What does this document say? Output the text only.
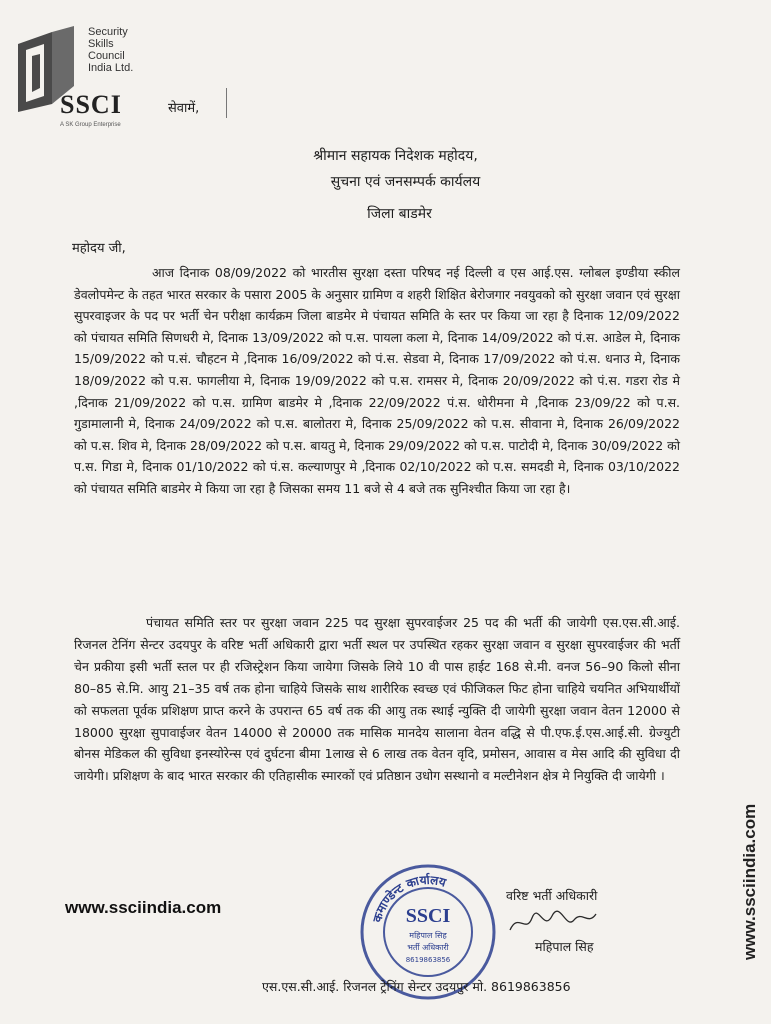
Security
Skills
Council
India Ltd.
SSCI
A SK Group Enterprise
सेवामें,
श्रीमान सहायक निदेशक महोदय,
सुचना एवं जनसम्पर्क कार्यलय
जिला बाडमेर
महोदय जी,
आज दिनाक 08/09/2022 को भारतीस सुरक्षा दस्ता परिषद नई दिल्ली व एस आई.एस. ग्लोबल इण्डीया स्कील डेवलोपमेन्ट के तहत भारत सरकार के पसारा 2005 के अनुसार ग्रामिण व शहरी शिक्षित बेरोजगार नवयुवको को सुरक्षा जवान एवं सुरक्षा सुपरवाइजर के पद पर भर्ती चेन परीक्षा कार्यक्रम जिला बाडमेर मे पंचायत समिति के स्तर पर किया जा रहा है दिनाक 12/09/2022 को पंचायत समिति सिणधरी मे, दिनाक 13/09/2022 को प.स. पायला कला मे, दिनाक 14/09/2022 को पं.स. आडेल मे, दिनाक 15/09/2022 को प.सं. चौहटन मे ,दिनाक 16/09/2022 को पं.स. सेडवा मे, दिनाक 17/09/2022 को पं.स. धनाउ मे, दिनाक 18/09/2022 को प.स. फागलीया मे, दिनाक 19/09/2022 को प.स. रामसर मे, दिनाक 20/09/2022 को पं.स. गडरा रोड मे ,दिनाक 21/09/2022 को प.स. ग्रामिण बाडमेर मे ,दिनाक 22/09/2022 पं.स. धोरीमना मे ,दिनाक 23/09/22 को प.स. गुडामालानी मे, दिनाक 24/09/2022 को प.स. बालोतरा मे, दिनाक 25/09/2022 को प.स. सीवाना मे, दिनाक 26/09/2022 को प.स. शिव मे, दिनाक 28/09/2022 को प.स. बायतु मे, दिनाक 29/09/2022 को प.स. पाटोदी मे, दिनाक 30/09/2022 को प.स. गिडा मे, दिनाक 01/10/2022 को पं.स. कल्याणपुर मे ,दिनाक 02/10/2022 को प.स. समदडी मे, दिनाक 03/10/2022 को पंचायत समिति बाडमेर मे किया जा रहा है जिसका समय 11 बजे से 4 बजे तक सुनिश्चीत किया जा रहा है।
पंचायत समिति स्तर पर सुरक्षा जवान 225 पद सुरक्षा सुपरवाईजर 25 पद की भर्ती की जायेगी एस.एस.सी.आई. रिजनल टेनिंग सेन्टर उदयपुर के वरिष्ट भर्ती अधिकारी द्वारा भर्ती स्थल पर उपस्थित रहकर सुरक्षा जवान व सुरक्षा सुपरवाईजर की भर्ती चेन प्रकीया इसी भर्ती स्तल पर ही रजिस्ट्रेशन किया जायेगा जिसके लिये 10 वी पास हाईट 168 से.मी. वनज 56–90 किलो सीना 80–85 से.मि. आयु 21–35 वर्ष तक होना चाहिये जिसके साथ शारीरिक स्वच्छ एवं फीजिकल फिट होना चाहिये चयनित अभियार्थीयों को सफलता पूर्वक प्रशिक्षण प्राप्त करने के उपरान्त 65 वर्ष तक की आयु तक स्थाई न्युक्ति दी जायेगी सुरक्षा जवान वेतन 12000 से 18000 सुरक्षा सुपावाईजर वेतन 14000 से 20000 तक मासिक मानदेय सालाना वेतन वद्धि से पी.एफ.ई.एस.आई.सी. ग्रेज्युटी बोनस मेडिकल की सुविधा इनस्योरेन्स एवं दुर्घटना बीमा 1लाख से 6 लाख तक वेतन वृदि, प्रमोसन, आवास व मेस आदि की सुविधा दी जायेगी। प्रशिक्षण के बाद भारत सरकार की एतिहासीक स्मारकों एवं प्रतिष्ठान उधोग सस्थानो व मल्टीनेशन क्षेत्र मे नियुक्ति दी जायेगी ।
www.ssciindia.com
कमाण्डेन्ट कार्यालय
SSCI
महिपाल सिह
भर्ती अधिकारी
8619863856
वरिष्ट भर्ती अधिकारी
महिपाल सिह
एस.एस.सी.आई. रिजनल ट्रेनिंग सेन्टर उदयपुर मो. 8619863856
www.ssciindia.com
